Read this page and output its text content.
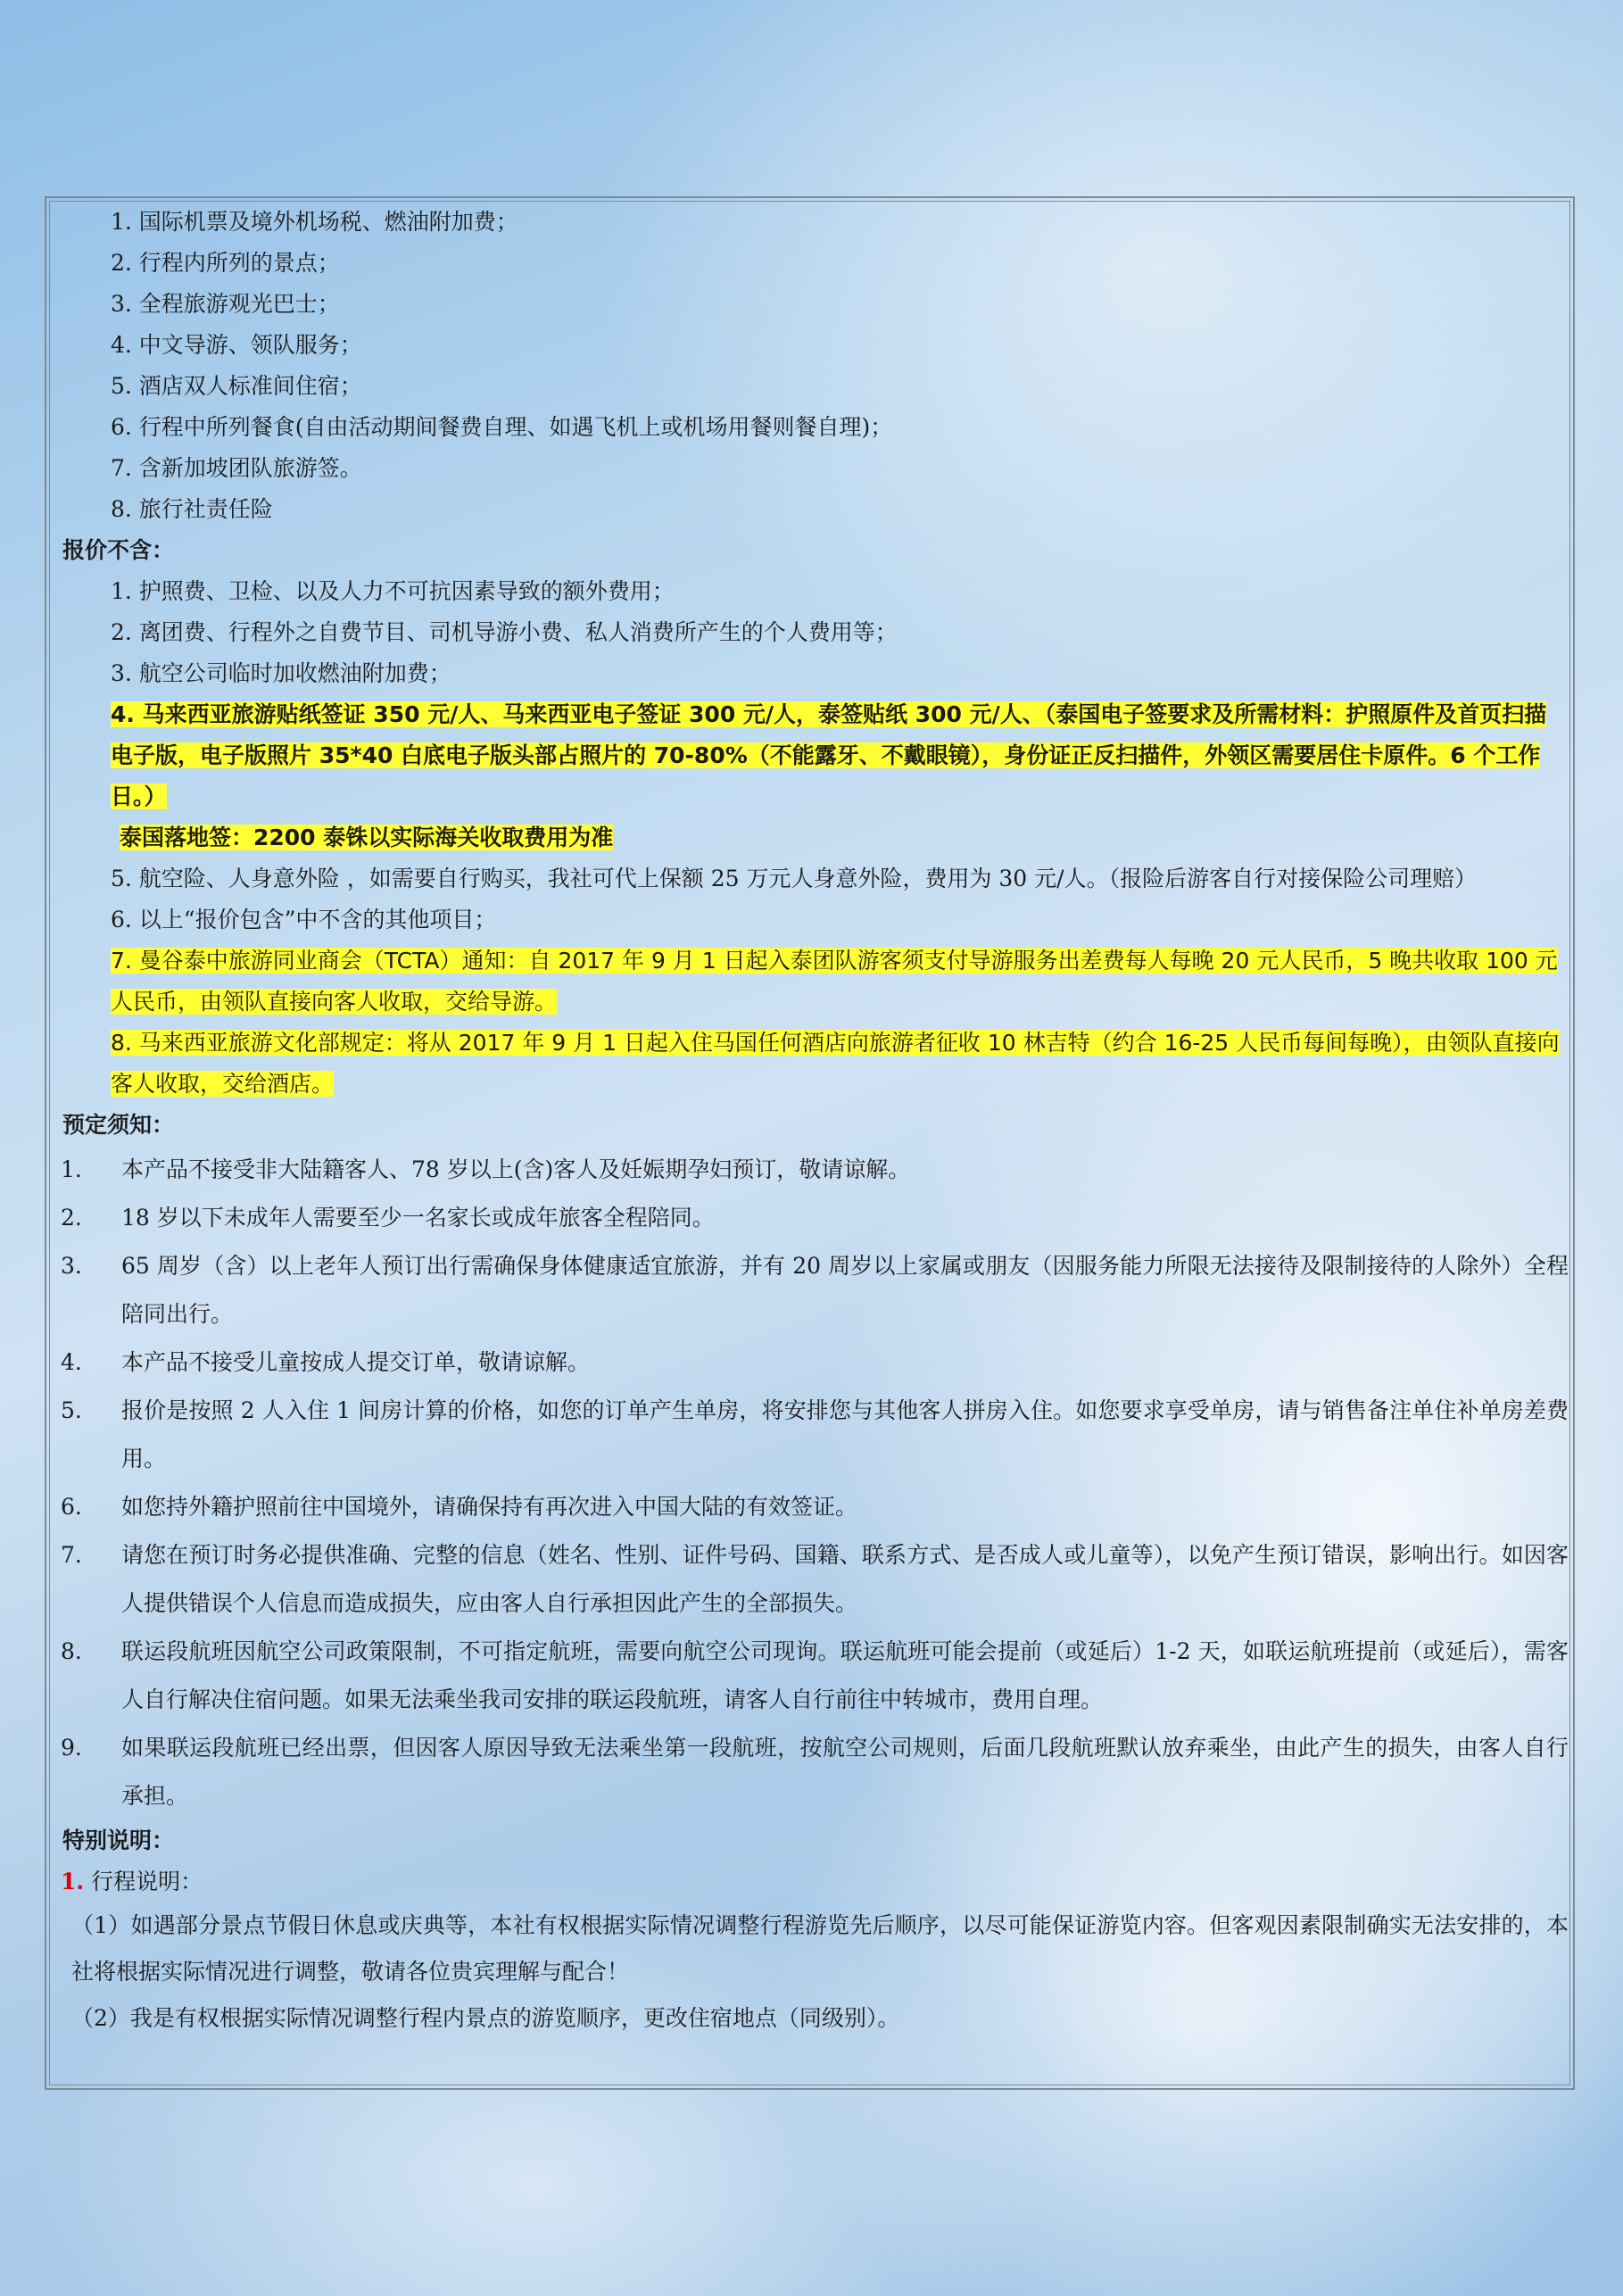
1. 国际机票及境外机场税、燃油附加费；
2. 行程内所列的景点；
3. 全程旅游观光巴士；
4. 中文导游、领队服务；
5. 酒店双人标准间住宿；
6. 行程中所列餐食(自由活动期间餐费自理、如遇飞机上或机场用餐则餐自理)；
7. 含新加坡团队旅游签。
8. 旅行社责任险
报价不含：
1. 护照费、卫检、以及人力不可抗因素导致的额外费用；
2. 离团费、行程外之自费节目、司机导游小费、私人消费所产生的个人费用等；
3. 航空公司临时加收燃油附加费；
4. 马来西亚旅游贴纸签证 350 元/人、马来西亚电子签证 300 元/人，泰签贴纸 300 元/人、（泰国电子签要求及所需材料：护照原件及首页扫描电子版，电子版照片 35*40 白底电子版头部占照片的 70-80%（不能露牙、不戴眼镜），身份证正反扫描件，外领区需要居住卡原件。6 个工作日。）
泰国落地签：2200 泰铢以实际海关收取费用为准
5. 航空险、人身意外险 ，如需要自行购买，我社可代上保额 25 万元人身意外险，费用为 30 元/人。（报险后游客自行对接保险公司理赔）
6. 以上“报价包含”中不含的其他项目；
7. 曼谷泰中旅游同业商会（TCTA）通知：自 2017 年 9 月 1 日起入泰团队游客须支付导游服务出差费每人每晚 20 元人民币，5 晚共收取 100 元人民币，由领队直接向客人收取，交给导游。
8. 马来西亚旅游文化部规定：将从 2017 年 9 月 1 日起入住马国任何酒店向旅游者征收 10 林吉特（约合 16-25 人民币每间每晚），由领队直接向客人收取，交给酒店。
预定须知：
1.	本产品不接受非大陆籍客人、78 岁以上(含)客人及妊娠期孕妇预订，敬请谅解。
2.	18 岁以下未成年人需要至少一名家长或成年旅客全程陪同。
3.	65 周岁（含）以上老年人预订出行需确保身体健康适宜旅游，并有 20 周岁以上家属或朋友（因服务能力所限无法接待及限制接待的人除外）全程陪同出行。
4.	本产品不接受儿童按成人提交订单，敬请谅解。
5.	报价是按照 2 人入住 1 间房计算的价格，如您的订单产生单房，将安排您与其他客人拼房入住。如您要求享受单房，请与销售备注单住补单房差费用。
6.	如您持外籍护照前往中国境外，请确保持有再次进入中国大陆的有效签证。
7.	请您在预订时务必提供准确、完整的信息（姓名、性别、证件号码、国籍、联系方式、是否成人或儿童等），以免产生预订错误，影响出行。如因客人提供错误个人信息而造成损失，应由客人自行承担因此产生的全部损失。
8.	联运段航班因航空公司政策限制，不可指定航班，需要向航空公司现询。联运航班可能会提前（或延后）1-2 天，如联运航班提前（或延后），需客人自行解决住宿问题。如果无法乘坐我司安排的联运段航班，请客人自行前往中转城市，费用自理。
9.	如果联运段航班已经出票，但因客人原因导致无法乘坐第一段航班，按航空公司规则，后面几段航班默认放弃乘坐，由此产生的损失，由客人自行承担。
特别说明：
1. 行程说明：
（1）如遇部分景点节假日休息或庆典等，本社有权根据实际情况调整行程游览先后顺序，以尽可能保证游览内容。但客观因素限制确实无法安排的，本社将根据实际情况进行调整，敬请各位贵宾理解与配合！
（2）我是有权根据实际情况调整行程内景点的游览顺序，更改住宿地点（同级别）。
